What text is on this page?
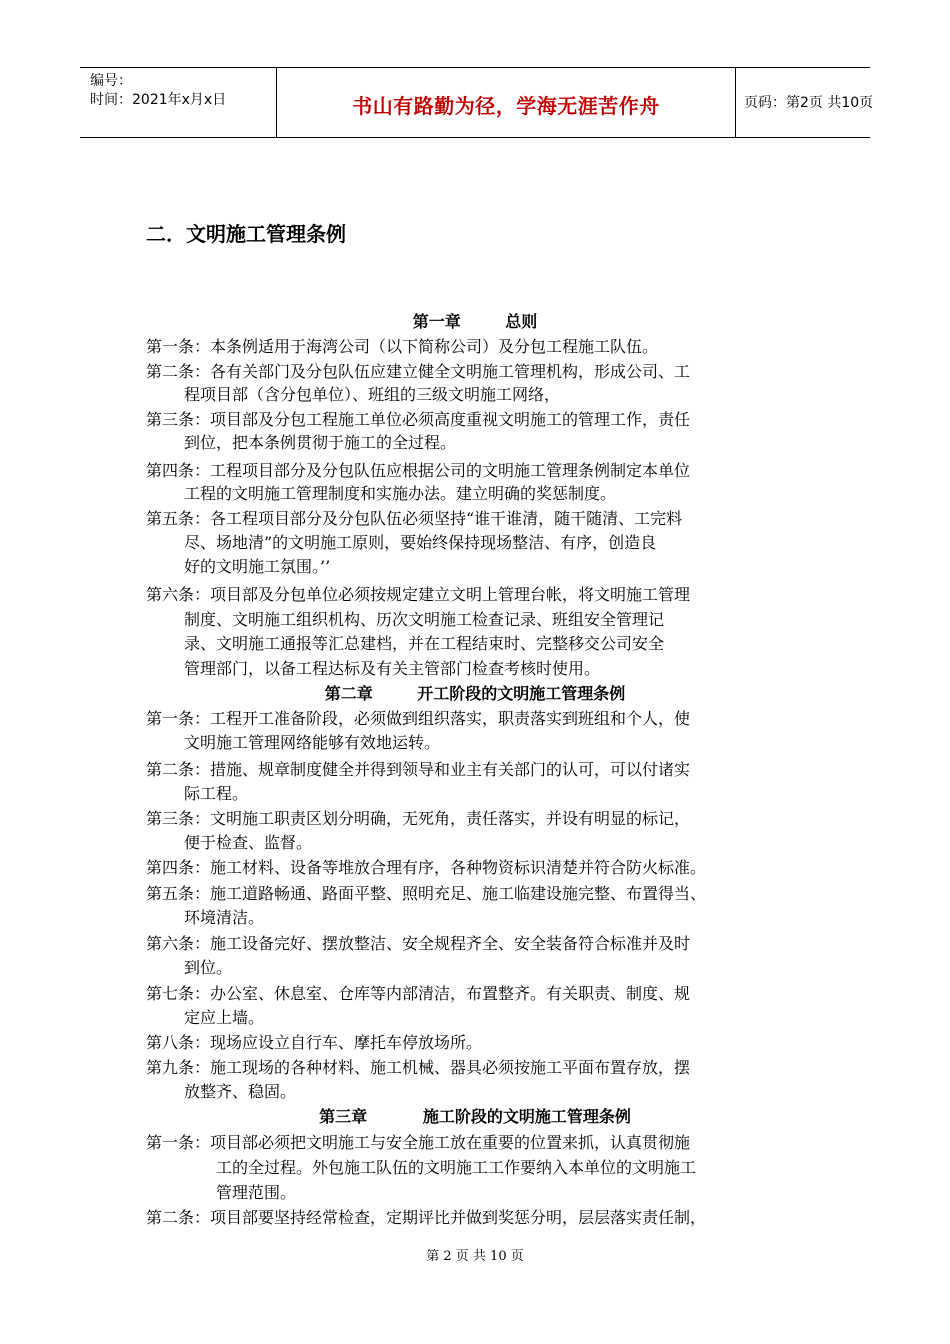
编号：
时间：2021年x月x日	书山有路勤为径，学海无涯苦作舟	页码：第2页 共10页
二．文明施工管理条例
第一章        总则
第一条：本条例适用于海湾公司（以下简称公司）及分包工程施工队伍。
第二条：各有关部门及分包队伍应建立健全文明施工管理机构，形成公司、工
程项目部（含分包单位）、班组的三级文明施工网络，
第三条：项目部及分包工程施工单位必须高度重视文明施工的管理工作，责任
到位，把本条例贯彻于施工的全过程。
第四条：工程项目部分及分包队伍应根据公司的文明施工管理条例制定本单位
工程的文明施工管理制度和实施办法。建立明确的奖惩制度。
第五条：各工程项目部分及分包队伍必须坚持“谁干谁清，随干随清、工完料
尽、场地清”的文明施工原则，要始终保持现场整洁、有序，创造良
好的文明施工氛围。’’
第六条：项目部及分包单位必须按规定建立文明上管理台帐，将文明施工管理
制度、文明施工组织机构、历次文明施工检查记录、班组安全管理记
录、文明施工通报等汇总建档，并在工程结束时、完整移交公司安全
管理部门，以备工程达标及有关主管部门检查考核时使用。
第二章        开工阶段的文明施工管理条例
第一条：工程开工准备阶段，必须做到组织落实，职责落实到班组和个人，使
文明施工管理网络能够有效地运转。
第二条：措施、规章制度健全并得到领导和业主有关部门的认可，可以付诸实
际工程。
第三条：文明施工职责区划分明确，无死角，责任落实，并设有明显的标记，
便于检查、监督。
第四条：施工材料、设备等堆放合理有序，各种物资标识清楚并符合防火标准。
第五条：施工道路畅通、路面平整、照明充足、施工临建设施完整、布置得当、
环境清洁。
第六条：施工设备完好、摆放整洁、安全规程齐全、安全装备符合标准并及时
到位。
第七条：办公室、休息室、仓库等内部清洁，布置整齐。有关职责、制度、规
定应上墙。
第八条：现场应设立自行车、摩托车停放场所。
第九条：施工现场的各种材料、施工机械、器具必须按施工平面布置存放，摆
放整齐、稳固。
第三章          施工阶段的文明施工管理条例
第一条：项目部必须把文明施工与安全施工放在重要的位置来抓，认真贯彻施
工的全过程。外包施工队伍的文明施工工作要纳入本单位的文明施工
管理范围。
第二条：项目部要坚持经常检查，定期评比并做到奖惩分明，层层落实责任制，
第 2 页 共 10 页
